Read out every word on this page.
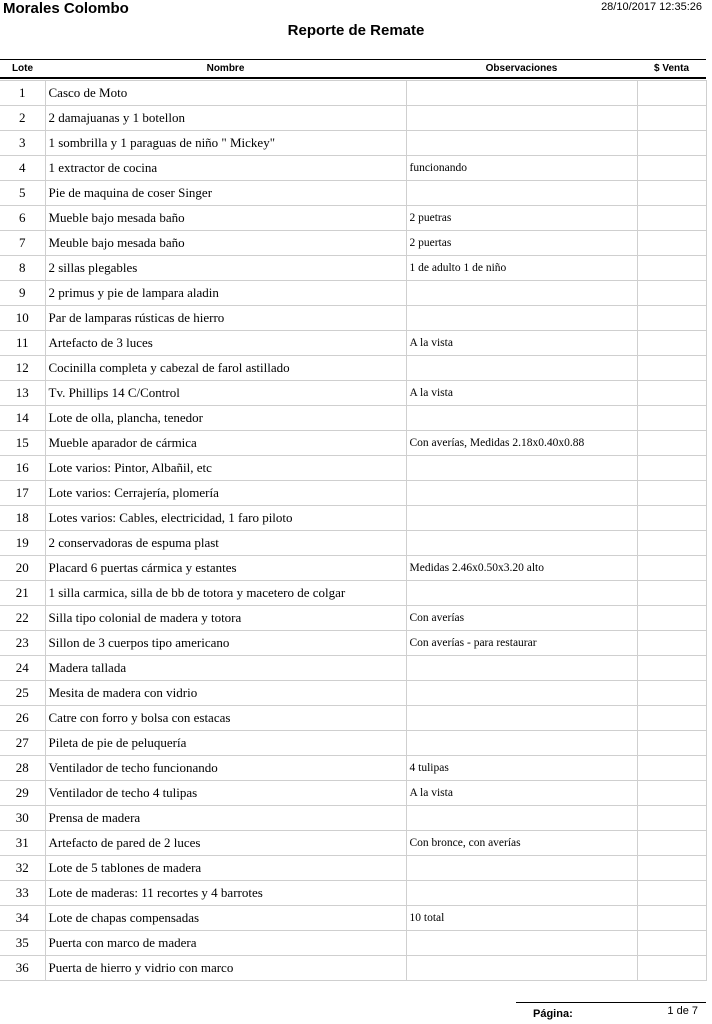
Morales Colombo	28/10/2017 12:35:26
Reporte de Remate
Lote	Nombre	Observaciones	$ Venta
1	Casco de Moto		
2	2 damajuanas y 1 botellon		
3	1 sombrilla y 1 paraguas de niño " Mickey"		
4	1 extractor de cocina	funcionando	
5	Pie de maquina de coser Singer		
6	Mueble bajo mesada baño	2 puetras	
7	Meuble bajo mesada baño	2 puertas	
8	2 sillas plegables	1 de adulto 1 de niño	
9	2 primus y pie de lampara aladin		
10	Par de lamparas rústicas de hierro		
11	Artefacto de 3 luces	A la vista	
12	Cocinilla completa y cabezal de farol astillado		
13	Tv. Phillips 14 C/Control	A la vista	
14	Lote de olla, plancha, tenedor		
15	Mueble aparador de cármica	Con averías, Medidas 2.18x0.40x0.88	
16	Lote varios: Pintor, Albañil, etc		
17	Lote varios: Cerrajería, plomería		
18	Lotes varios: Cables, electricidad, 1 faro piloto		
19	2 conservadoras de espuma plast		
20	Placard 6 puertas cármica y estantes	Medidas 2.46x0.50x3.20 alto	
21	1 silla carmica, silla de bb de totora y macetero de colgar		
22	Silla tipo colonial de madera y totora	Con averías	
23	Sillon de 3 cuerpos tipo americano	Con averías - para restaurar	
24	Madera tallada		
25	Mesita de madera con vidrio		
26	Catre con forro y bolsa con estacas		
27	Pileta de pie de peluquería		
28	Ventilador de techo funcionando	4 tulipas	
29	Ventilador de techo 4 tulipas	A la vista	
30	Prensa de madera		
31	Artefacto de pared de 2 luces	Con bronce, con averías	
32	Lote de 5 tablones de madera		
33	Lote de maderas: 11 recortes y 4 barrotes		
34	Lote de chapas compensadas	10 total	
35	Puerta con marco de madera		
36	Puerta de hierro y vidrio con marco		
Página:	1 de 7
